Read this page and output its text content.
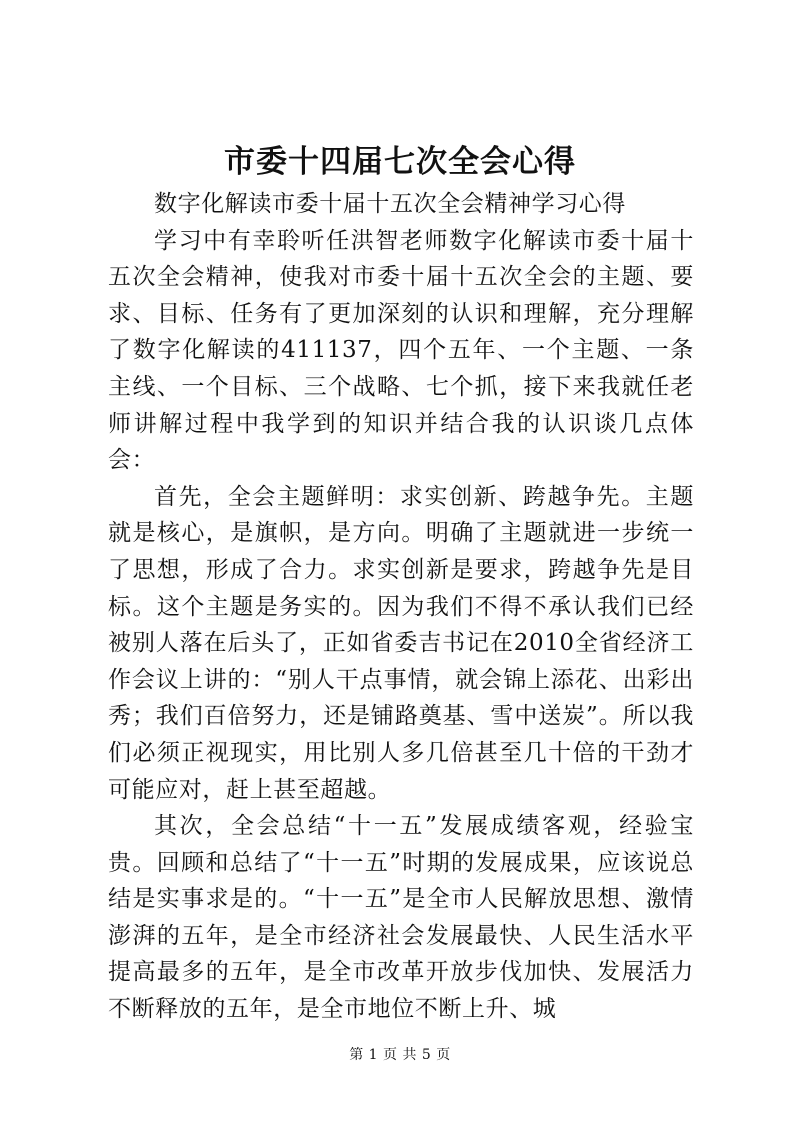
市委十四届七次全会心得

数字化解读市委十届十五次全会精神学习心得

学习中有幸聆听任洪智老师数字化解读市委十届十五次全会精神，使我对市委十届十五次全会的主题、要求、目标、任务有了更加深刻的认识和理解，充分理解了数字化解读的411137，四个五年、一个主题、一条主线、一个目标、三个战略、七个抓，接下来我就任老师讲解过程中我学到的知识并结合我的认识谈几点体会：

首先，全会主题鲜明：求实创新、跨越争先。主题就是核心，是旗帜，是方向。明确了主题就进一步统一了思想，形成了合力。求实创新是要求，跨越争先是目标。这个主题是务实的。因为我们不得不承认我们已经被别人落在后头了，正如省委吉书记在2010全省经济工作会议上讲的：“别人干点事情，就会锦上添花、出彩出秀；我们百倍努力，还是铺路奠基、雪中送炭”。所以我们必须正视现实，用比别人多几倍甚至几十倍的干劲才可能应对，赶上甚至超越。

其次，全会总结“十一五”发展成绩客观，经验宝贵。回顾和总结了“十一五”时期的发展成果，应该说总结是实事求是的。“十一五”是全市人民解放思想、激情澎湃的五年，是全市经济社会发展最快、人民生活水平提高最多的五年，是全市改革开放步伐加快、发展活力不断释放的五年，是全市地位不断上升、城

第 1 页 共 5 页
